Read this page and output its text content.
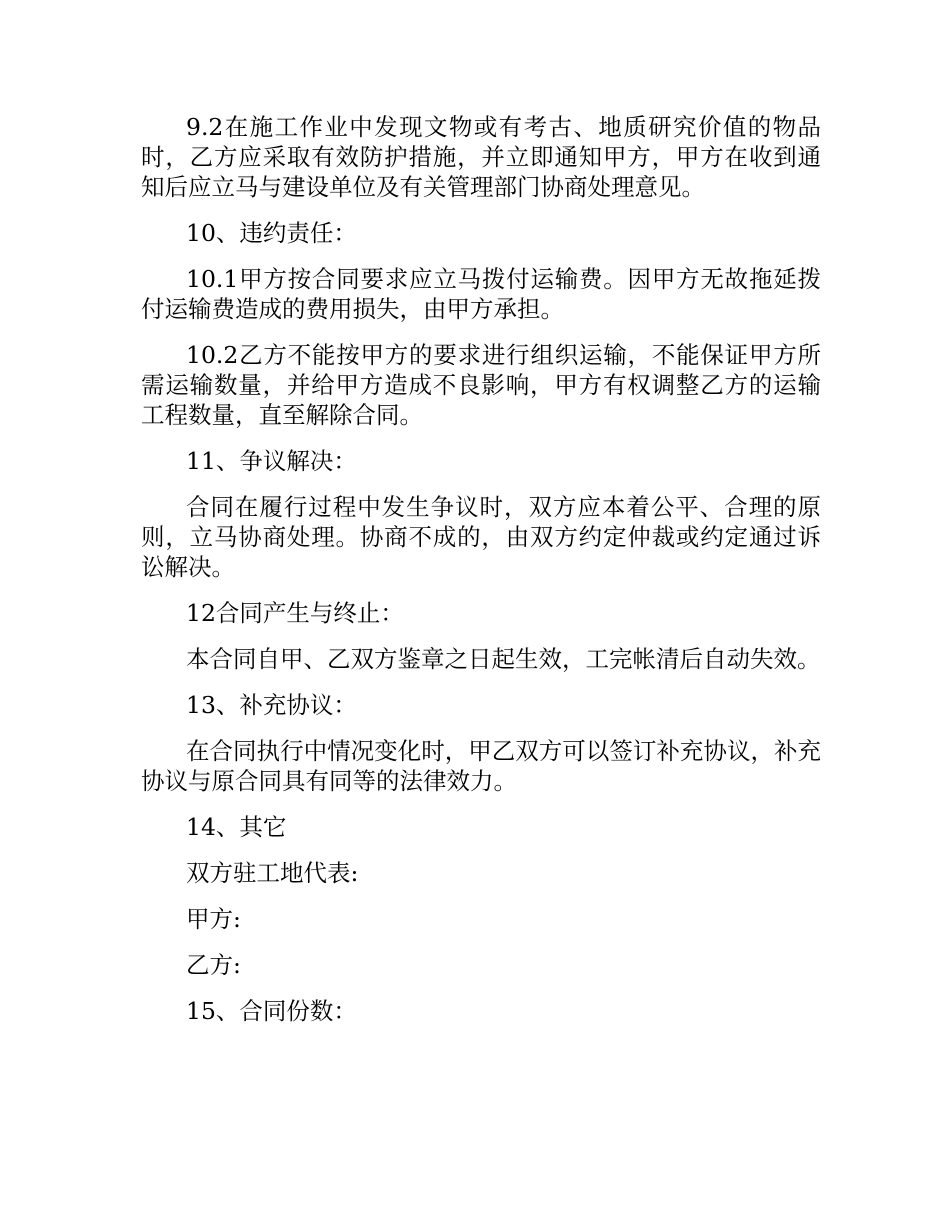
9.2在施工作业中发现文物或有考古、地质研究价值的物品时，乙方应采取有效防护措施，并立即通知甲方，甲方在收到通知后应立马与建设单位及有关管理部门协商处理意见。

10、违约责任：

10.1甲方按合同要求应立马拨付运输费。因甲方无故拖延拨付运输费造成的费用损失，由甲方承担。

10.2乙方不能按甲方的要求进行组织运输，不能保证甲方所需运输数量，并给甲方造成不良影响，甲方有权调整乙方的运输工程数量，直至解除合同。

11、争议解决：

合同在履行过程中发生争议时，双方应本着公平、合理的原则，立马协商处理。协商不成的，由双方约定仲裁或约定通过诉讼解决。

12合同产生与终止：

本合同自甲、乙双方鉴章之日起生效，工完帐清后自动失效。

13、补充协议：

在合同执行中情况变化时，甲乙双方可以签订补充协议，补充协议与原合同具有同等的法律效力。

14、其它

双方驻工地代表:

甲方:

乙方:

15、合同份数：
